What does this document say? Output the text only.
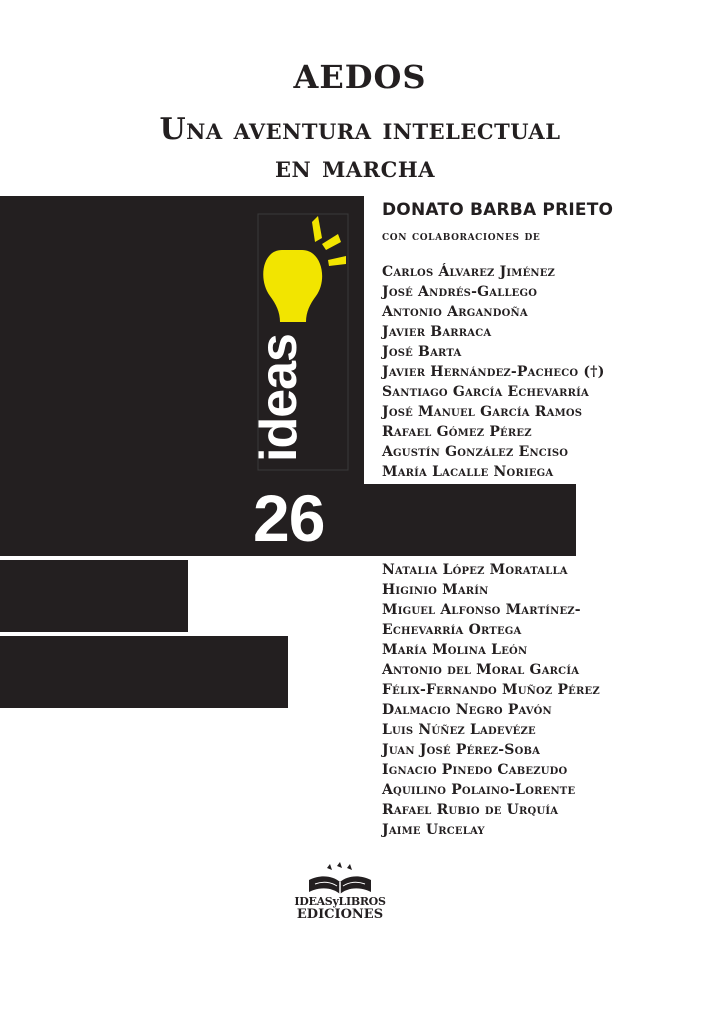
AEDOS
Una aventura intelectual
en marcha
ideas
26
DONATO BARBA PRIETO
con colaboraciones de
Carlos Álvarez Jiménez
José Andrés-Gallego
Antonio Argandoña
Javier Barraca
José Barta
Javier Hernández-Pacheco (†)
Santiago García Echevarría
José Manuel García Ramos
Rafael Gómez Pérez
Agustín González Enciso
María Lacalle Noriega
Natalia López Moratalla
Higinio Marín
Miguel Alfonso Martínez-
Echevarría Ortega
María Molina León
Antonio del Moral García
Félix-Fernando Muñoz Pérez
Dalmacio Negro Pavón
Luis Núñez Ladevéze
Juan José Pérez-Soba
Ignacio Pinedo Cabezudo
Aquilino Polaino-Lorente
Rafael Rubio de Urquía
Jaime Urcelay
IDEASyLIBROS
EDICIONES
